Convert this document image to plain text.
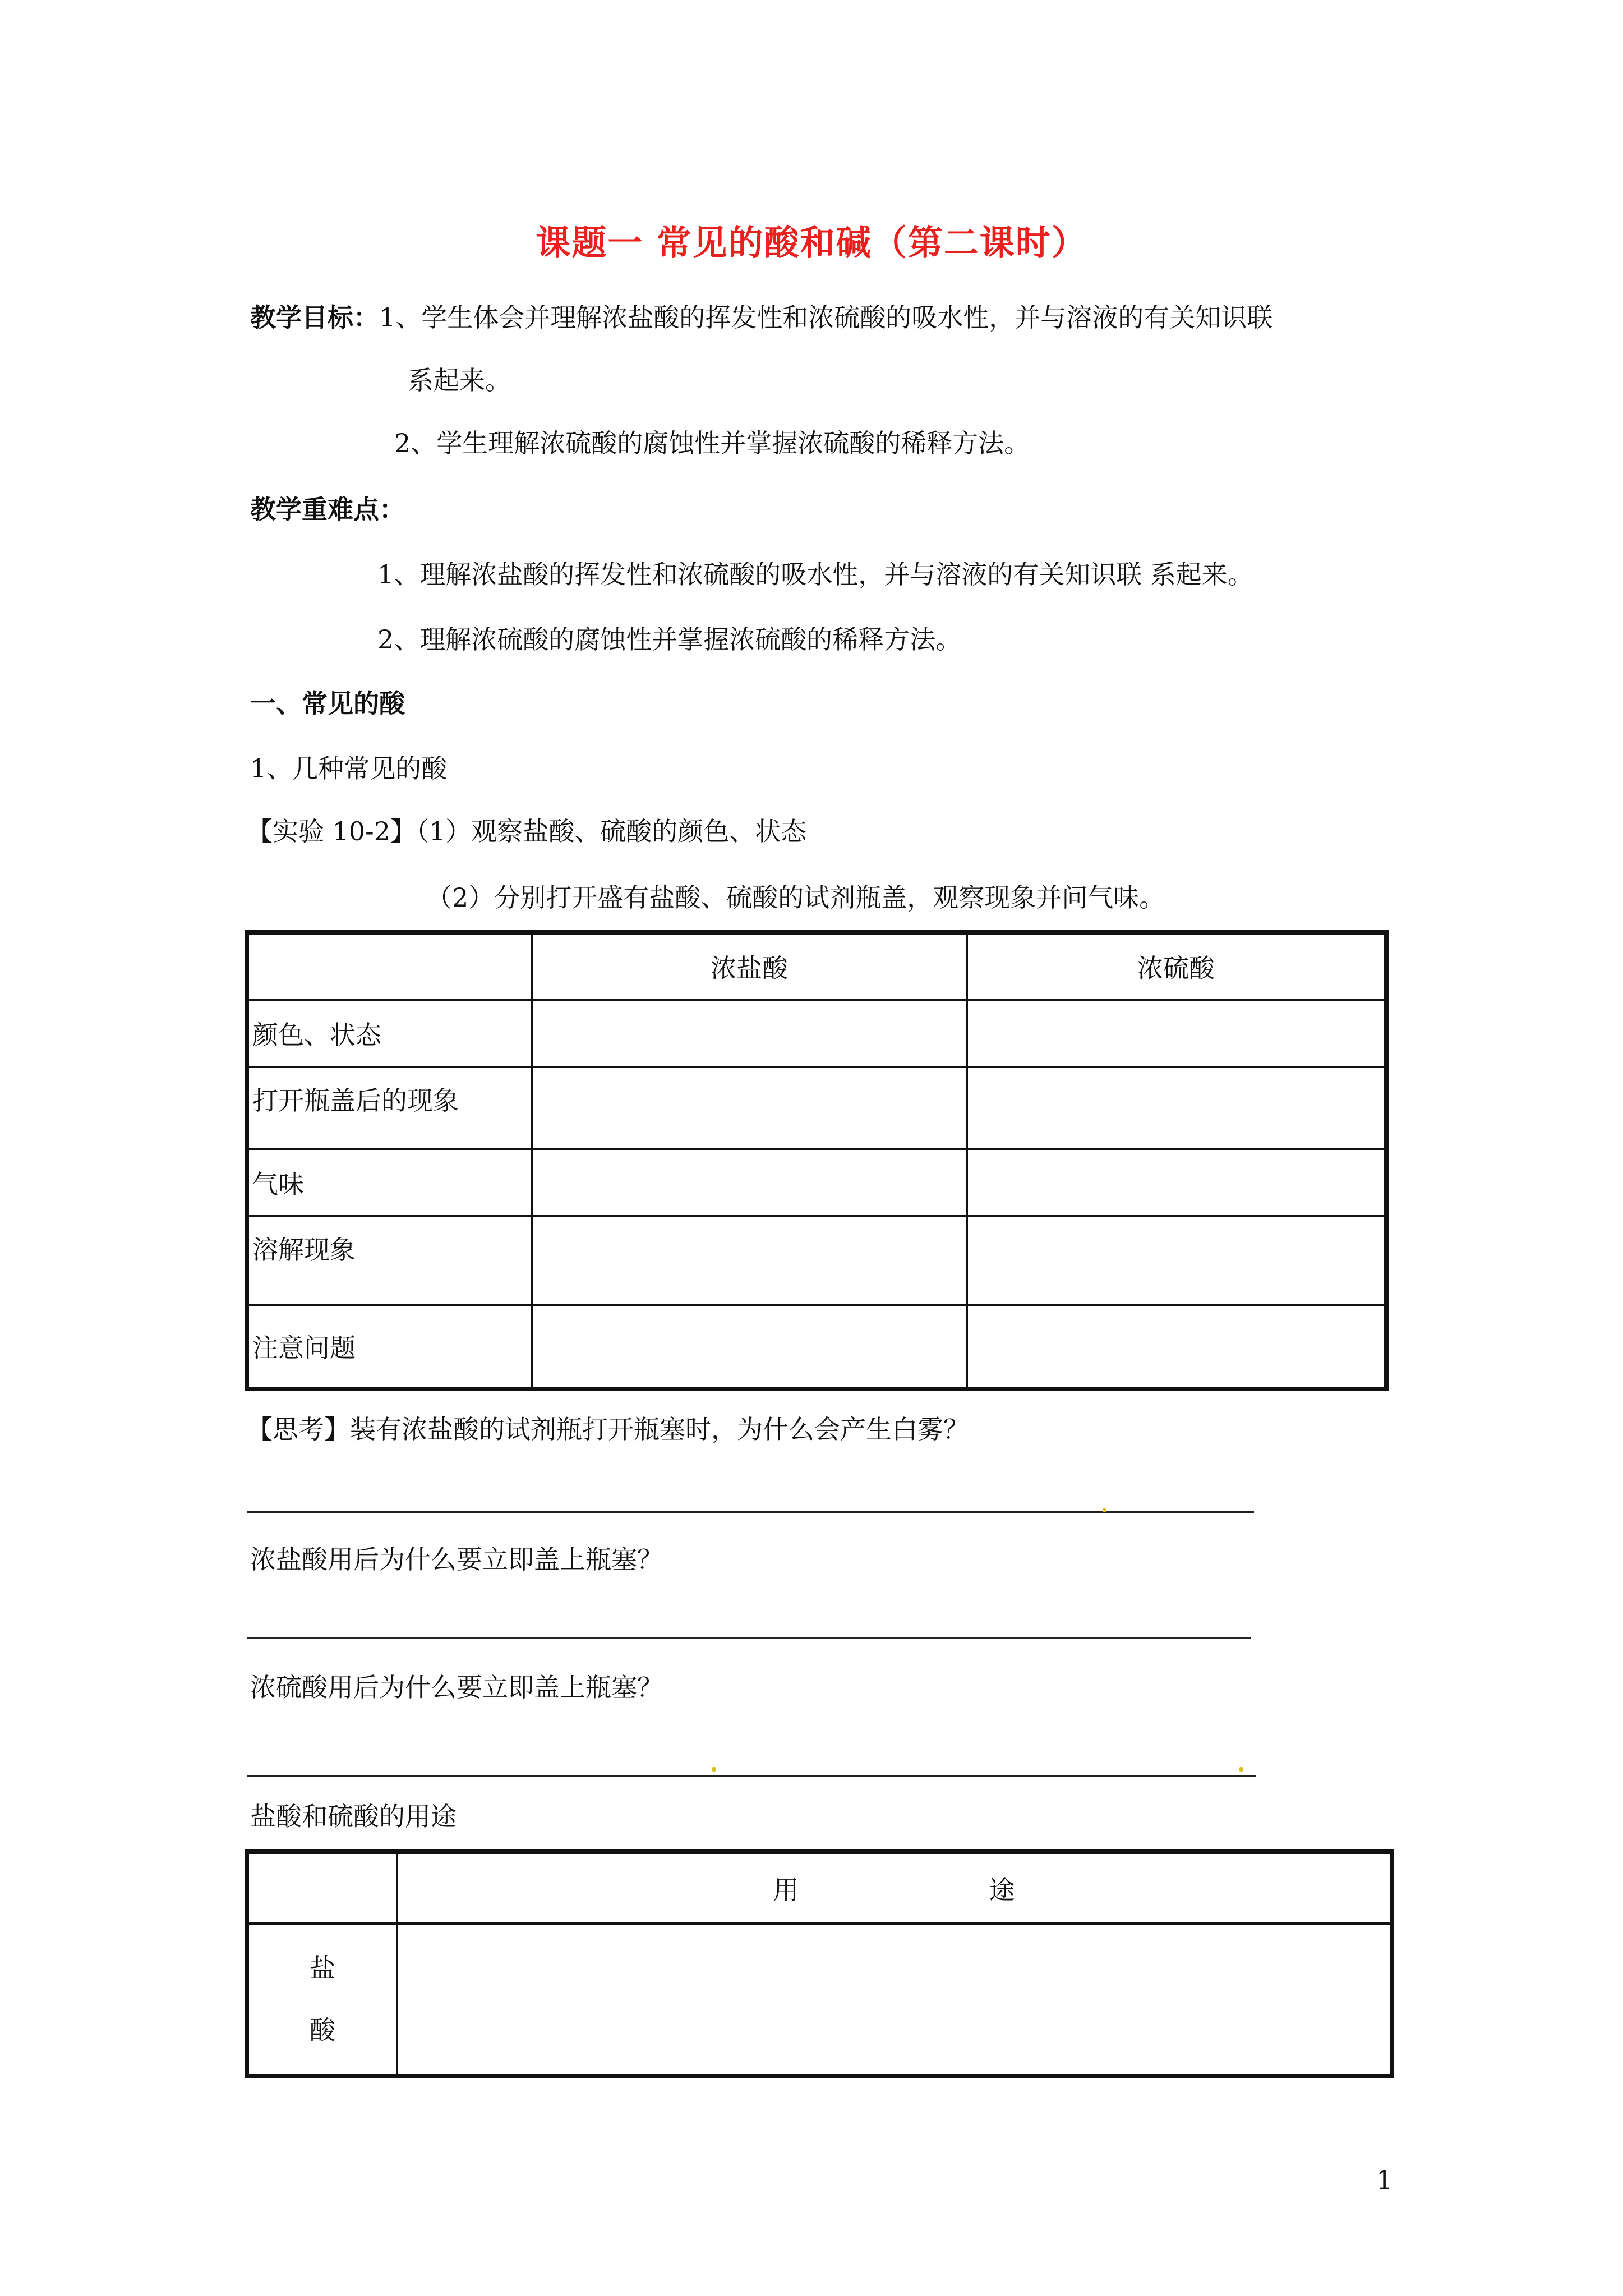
课题一 常见的酸和碱（第二课时）
教学目标：1、学生体会并理解浓盐酸的挥发性和浓硫酸的吸水性，并与溶液的有关知识联
系起来。
2、学生理解浓硫酸的腐蚀性并掌握浓硫酸的稀释方法。
教学重难点：
1、理解浓盐酸的挥发性和浓硫酸的吸水性，并与溶液的有关知识联 系起来。
2、理解浓硫酸的腐蚀性并掌握浓硫酸的稀释方法。
一、常见的酸
1、几种常见的酸
【实验 10-2】（1）观察盐酸、硫酸的颜色、状态
（2）分别打开盛有盐酸、硫酸的试剂瓶盖，观察现象并问气味。
	浓盐酸	浓硫酸
颜色、状态		
打开瓶盖后的现象		
气味		
溶解现象		
注意问题		
【思考】装有浓盐酸的试剂瓶打开瓶塞时，为什么会产生白雾？
浓盐酸用后为什么要立即盖上瓶塞？
浓硫酸用后为什么要立即盖上瓶塞？
盐酸和硫酸的用途
	用 途
盐
酸	
1
